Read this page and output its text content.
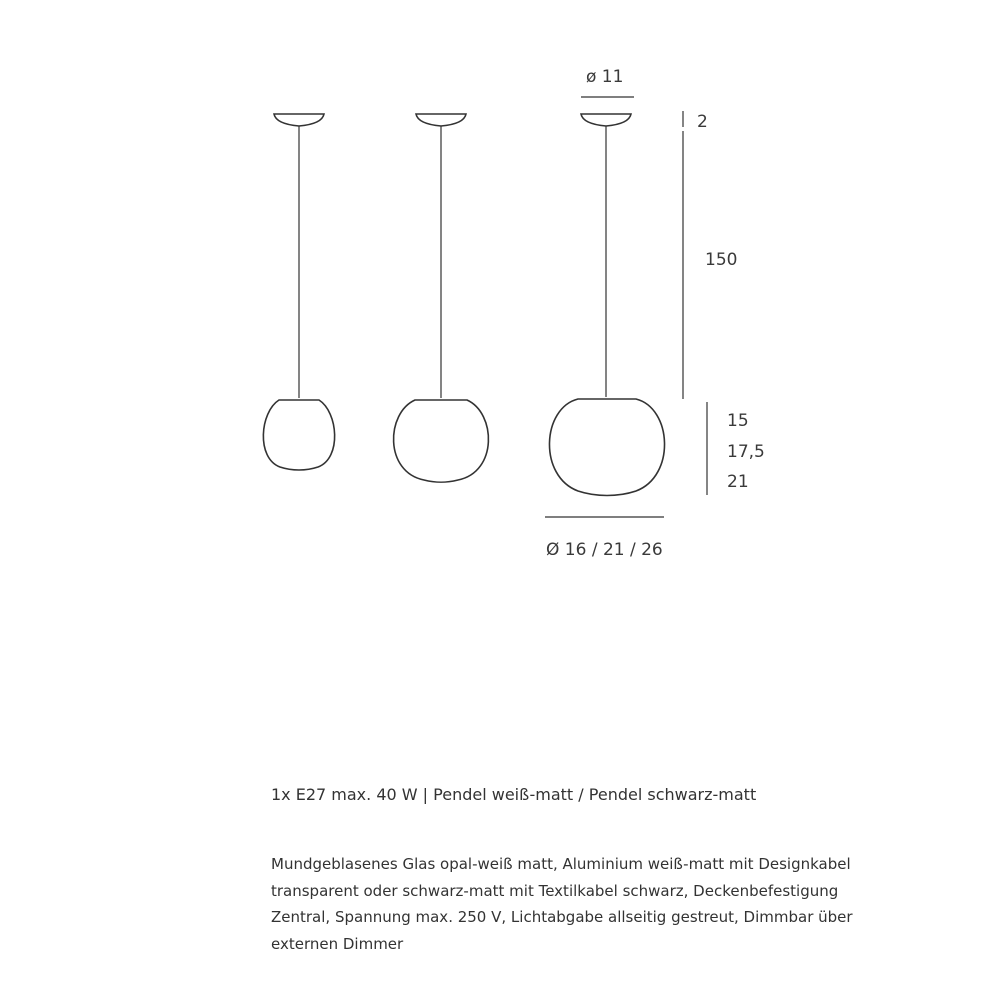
ø 11
2
150
15
17,5
21
Ø 16 / 21 / 26
1x E27 max. 40 W | Pendel weiß-matt / Pendel schwarz-matt
Mundgeblasenes Glas opal-weiß matt, Aluminium weiß-matt mit Designkabel transparent oder schwarz-matt mit Textilkabel schwarz, Deckenbefestigung Zentral, Spannung max. 250 V, Lichtabgabe allseitig gestreut, Dimmbar über externen Dimmer
